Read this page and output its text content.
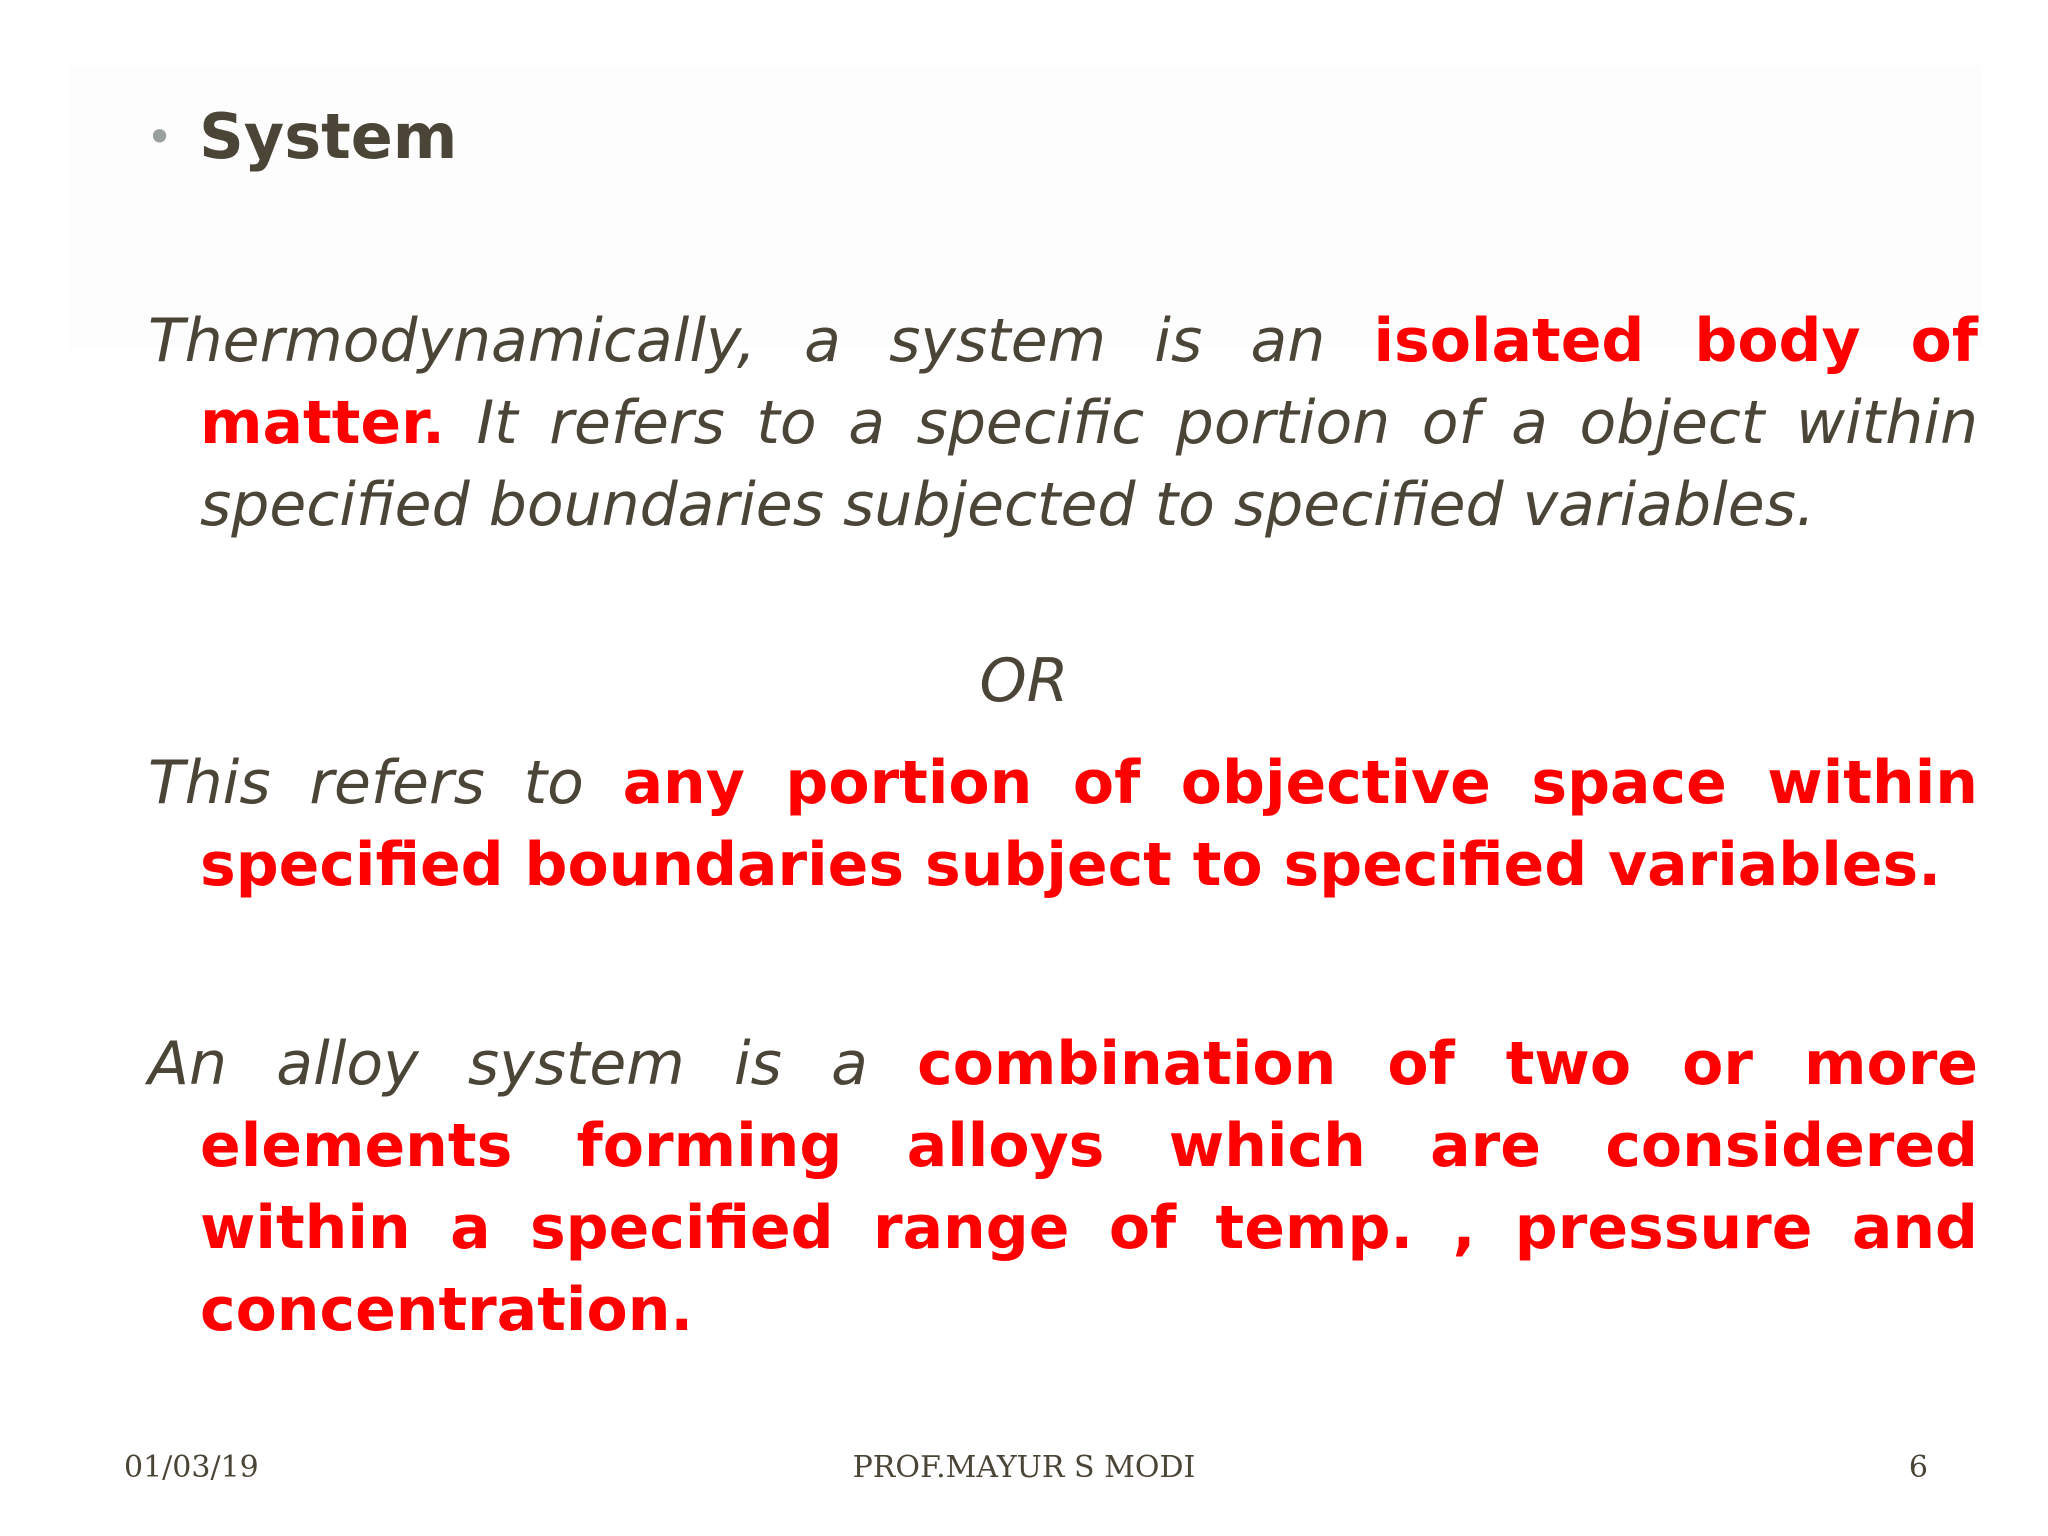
• System

Thermodynamically, a system is an isolated body of matter. It refers to a specific portion of a object within specified boundaries subjected to specified variables.

OR

This refers to any portion of objective space within specified boundaries subject to specified variables.

An alloy system is a combination of two or more elements forming alloys which are considered within a specified range of temp. , pressure and concentration.

01/03/19	PROF.MAYUR S MODI	6
